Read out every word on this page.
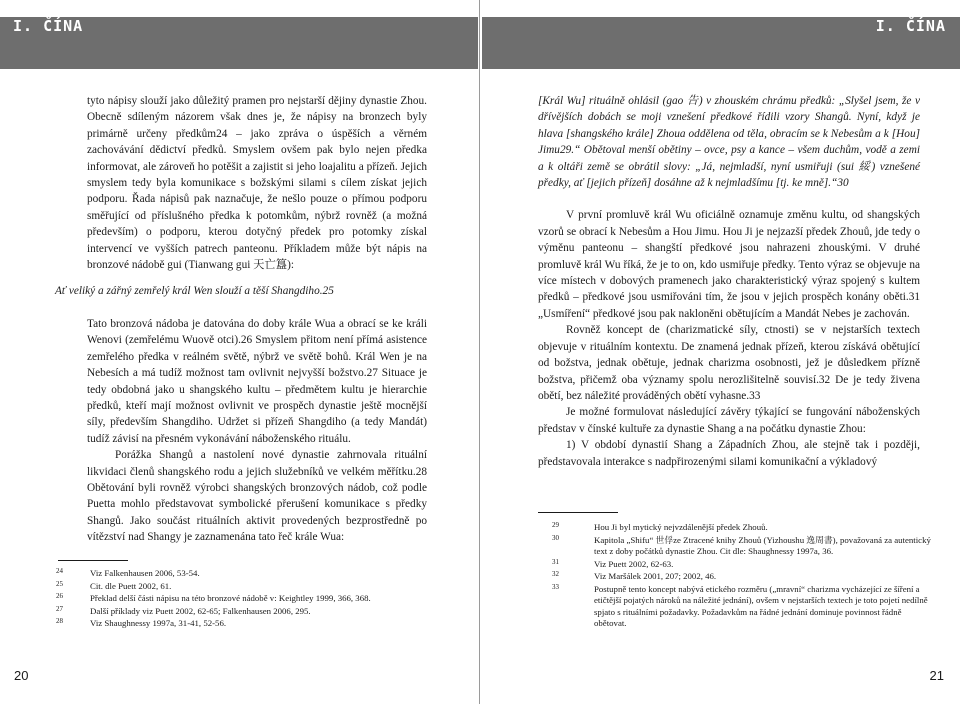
I. ČÍNA

tyto nápisy slouží jako důležitý pramen pro nejstarší dějiny dynastie Zhou. Obecně sdíleným názorem však dnes je, že nápisy na bronzech byly primárně určeny předkům24 – jako zpráva o úspěších a věrném zachovávání dědictví předků. Smyslem ovšem pak bylo nejen předka informovat, ale zároveň ho potěšit a zajistit si jeho loajalitu a přízeň. Jejich smyslem tedy byla komunikace s božskými silami s cílem získat jejich podporu. Řada nápisů pak naznačuje, že nešlo pouze o přímou podporu směřující od příslušného předka k potomkům, nýbrž rovněž (a možná především) o podporu, kterou dotyčný předek pro potomky získal intervencí ve vyšších patrech panteonu. Příkladem může být nápis na bronzové nádobě gui (Tianwang gui 天亡簋):

Ať veliký a zářný zemřelý král Wen slouží a těší Shangdiho.25

Tato bronzová nádoba je datována do doby krále Wua a obrací se ke králi Wenovi (zemřelému Wuově otci).26 Smyslem přitom není přímá asistence zemřelého předka v reálném světě, nýbrž ve světě bohů. Král Wen je na Nebesích a má tudíž možnost tam ovlivnit nejvyšší božstvo.27 Situace je tedy obdobná jako u shangského kultu – předmětem kultu je hierarchie předků, kteří mají možnost ovlivnit ve prospěch dynastie ještě mocnější síly, především Shangdiho. Udržet si přízeň Shangdiho (a tedy Mandát) tudíž závisí na přesném vykonávání náboženského rituálu.

Porážka Shangů a nastolení nové dynastie zahrnovala rituální likvidaci členů shangského rodu a jejich služebníků ve velkém měřítku.28 Obětování byli rovněž výrobci shangských bronzových nádob, což podle Puetta mohlo představovat symbolické přerušení komunikace s předky Shangů. Jako součást rituálních aktivit provedených bezprostředně po vítězství nad Shangy je zaznamenána tato řeč krále Wua:

24	Viz Falkenhausen 2006, 53-54.
25	Cit. dle Puett 2002, 61.
26	Překlad delší části nápisu na této bronzové nádobě v: Keightley 1999, 366, 368.
27	Další příklady viz Puett 2002, 62-65; Falkenhausen 2006, 295.
28	Viz Shaughnessy 1997a, 31-41, 52-56.
20
I. ČÍNA

[Král Wu] rituálně ohlásil (gao 告) v zhouském chrámu předků: „Slyšel jsem, že v dřívějších dobách se moji vznešení předkové řídili vzory Shangů. Nyní, když je hlava [shangského krále] Zhoua oddělena od těla, obracím se k Nebesům a k [Hou] Jimu29.“ Obětoval menší obětiny – ovce, psy a kance – všem duchům, vodě a zemi a k oltáři země se obrátil slovy: „Já, nejmladší, nyní usmiřuji (sui 綏) vznešené předky, ať [jejich přízeň] dosáhne až k nejmladšímu [tj. ke mně].“30

V první promluvě král Wu oficiálně oznamuje změnu kultu, od shangských vzorů se obrací k Nebesům a Hou Jimu. Hou Ji je nejzazší předek Zhouů, jde tedy o výměnu panteonu – shangští předkové jsou nahrazeni zhouskými. V druhé promluvě král Wu říká, že je to on, kdo usmiřuje předky. Tento výraz se objevuje na více místech v dobových pramenech jako charakteristický výraz spojený s kultem předků – předkové jsou usmiřováni tím, že jsou v jejich prospěch konány oběti.31 „Usmíření“ předkové jsou pak nakloněni obětujícím a Mandát Nebes je zachován.

Rovněž koncept de (charizmatické síly, ctnosti) se v nejstarších textech objevuje v rituálním kontextu. De znamená jednak přízeň, kterou získává obětující od božstva, jednak obětuje, jednak charizma osobnosti, jež je důsledkem přízně božstva, přičemž oba významy spolu nerozlišitelně souvisí.32 De je tedy živena obětí, bez náležité prováděných obětí vyhasne.33

Je možné formulovat následující závěry týkající se fungování náboženských představ v čínské kultuře za dynastie Shang a na počátku dynastie Zhou:

1) V období dynastií Shang a Západních Zhou, ale stejně tak i později, představovala interakce s nadpřirozenými silami komunikační a výkladový

29	Hou Ji byl mytický nejvzdálenější předek Zhouů.
30	Kapitola „Shifu“ 世俘ze Ztracené knihy Zhouů (Yizhoushu 逸周書), považovaná za autentický text z doby počátků dynastie Zhou. Cit dle: Shaughnessy 1997a, 36.
31	Viz Puett 2002, 62-63.
32	Viz Maršálek 2001, 207; 2002, 46.
33	Postupně tento koncept nabývá etického rozměru („mravní“ charizma vycházející ze šíření a etičtější pojatých nároků na náležité jednání), ovšem v nejstarších textech je toto pojetí nedílně spjato s rituálními požadavky. Požadavkům na řádné jednání dominuje povinnost řádně obětovat.
21
